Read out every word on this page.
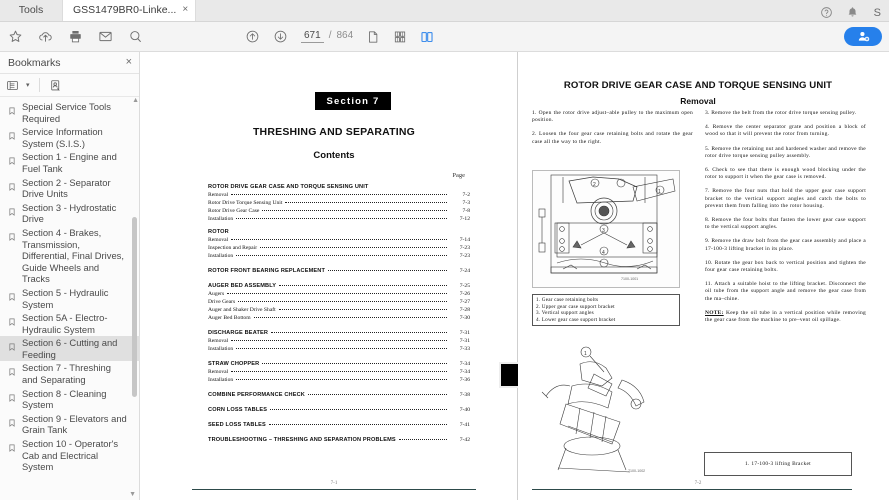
Tools	GSS1479BR0-Linke... ×	S
671 / 864
Bookmarks	×
▾
▲
Special Service Tools Required
Service Information System (S.I.S.)
Section 1 - Engine and Fuel Tank
Section 2 - Separator Drive Units
Section 3 - Hydrostatic Drive
Section 4 - Brakes, Transmission, Differential, Final Drives, Guide Wheels and Tracks
Section 5 - Hydraulic System
Section 5A - Electro-Hydraulic System
Section 6 - Cutting and Feeding
Section 7 - Threshing and Separating
Section 8 - Cleaning System
Section 9 - Elevators and Grain Tank
Section 10 - Operator's Cab and Electrical System
▼
Section 7
THRESHING AND SEPARATING
Contents
Page
ROTOR DRIVE GEAR CASE AND TORQUE SENSING UNIT
Removal	7-2
Rotor Drive Torque Sensing Unit	7-3
Rotor Drive Gear Case	7-8
Installation	7-12
ROTOR
Removal	7-14
Inspection and Repair	7-23
Installation	7-23
ROTOR FRONT BEARING REPLACEMENT	7-24
AUGER BED ASSEMBLY	7-25
Augers	7-26
Drive Gears	7-27
Auger and Shaker Drive Shaft	7-28
Auger Bed Bottom	7-30
DISCHARGE BEATER	7-31
Removal	7-31
Installation	7-33
STRAW CHOPPER	7-34
Removal	7-34
Installation	7-36
COMBINE PERFORMANCE CHECK	7-38
CORN LOSS TABLES	7-40
SEED LOSS TABLES	7-41
TROUBLESHOOTING – THRESHING AND SEPARATION PROBLEMS	7-42
7-1
ROTOR DRIVE GEAR CASE AND TORQUE SENSING UNIT
Removal
1. Open the rotor drive adjust–able pulley to the maximum open position.
2. Loosen the four gear case retaining bolts and rotate the gear case all the way to the right.
3. Remove the belt from the rotor drive torque sensing pulley.
4. Remove the center separator grate and position a block of wood so that it will prevent the rotor from turning.
5. Remove the retaining nut and hardened washer and remove the rotor drive torque sensing pulley assembly.
6. Check to see that there is enough wood blocking under the rotor to support it when the gear case is removed.
7. Remove the four nuts that hold the upper gear case support bracket to the vertical support angles and catch the bolts to prevent them from falling into the rotor housing.
8. Remove the four bolts that fasten the lower gear case support to the vertical support angles.
9. Remove the draw bolt from the gear case assembly and place a 17-100-3 lifting bracket in its place.
10. Rotate the gear box back to vertical position and tighten the four gear case retaining bolts.
11. Attach a suitable hoist to the lifting bracket. Disconnect the oil tube from the support angle and remove the gear case from the ma–chine.
NOTE: Keep the oil tube in a vertical position while removing the gear case from the machine to pre–vent oil spillage.
2
1
3
4
7100-1001
1. Gear case retaining bolts
2. Upper gear case support bracket
3. Vertical support angles
4. Lower gear case support bracket
1
7100-1002
1. 17-100-3 lifting Bracket
7-2
